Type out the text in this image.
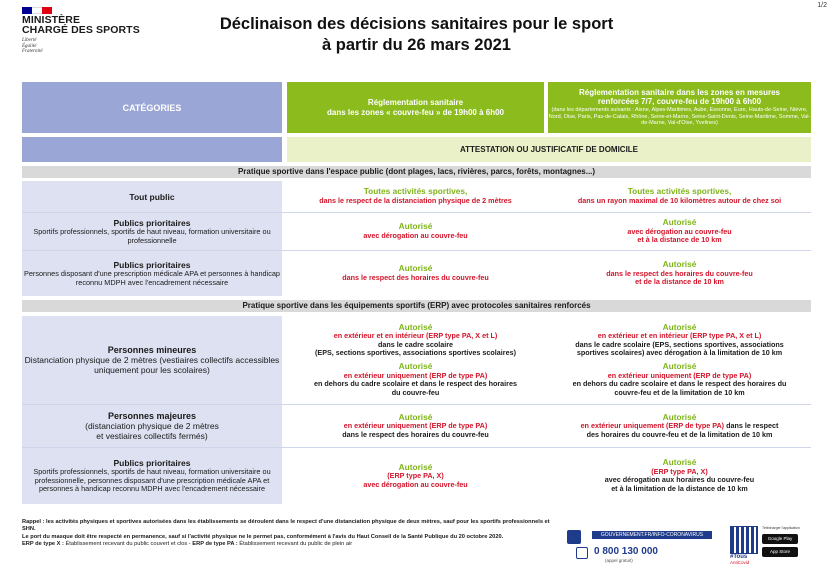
1/2
MINISTÈRE
CHARGÉ DES SPORTS
Liberté
Égalité
Fraternité
Déclinaison des décisions sanitaires pour le sport
à partir du 26 mars 2021
CATÉGORIES
Réglementation sanitaire
dans les zones « couvre-feu » de 19h00 à 6h00
Réglementation sanitaire dans les zones en mesures
renforcées 7/7, couvre-feu de 19h00 à 6h00
(dans les départements suivants : Aisne, Alpes-Maritimes, Aube, Essonne, Eure, Hauts-de-Seine, Nièvre, Nord, Oise, Paris, Pas-de-Calais, Rhône, Seine-et-Marne, Seine-Saint-Denis, Seine-Maritime, Somme, Val-de-Marne, Val-d'Oise, Yvelines)
ATTESTATION OU JUSTIFICATIF DE DOMICILE
Pratique sportive dans l'espace public (dont plages, lacs, rivières, parcs, forêts, montagnes...)
Tout public
Toutes activités sportives,
dans le respect de la distanciation physique de 2 mètres
Toutes activités sportives,
dans un rayon maximal de 10 kilomètres autour de chez soi
Publics prioritaires
Sportifs professionnels, sportifs de haut niveau, formation universitaire ou professionnelle
Autorisé
avec dérogation au couvre-feu
Autorisé
avec dérogation au couvre-feu
et à la distance de 10 km
Publics prioritaires
Personnes disposant d'une prescription médicale APA et personnes à handicap reconnu MDPH avec l'encadrement nécessaire
Autorisé
dans le respect des horaires du couvre-feu
Autorisé
dans le respect des horaires du couvre-feu
et de la distance de 10 km
Pratique sportive dans les équipements sportifs (ERP) avec protocoles sanitaires renforcés
Personnes mineures
Distanciation physique de 2 mètres (vestiaires collectifs accessibles uniquement pour les scolaires)
Autorisé
en extérieur et en intérieur (ERP type PA, X et L)
dans le cadre scolaire
(EPS, sections sportives, associations sportives scolaires)
Autorisé
en extérieur uniquement (ERP de type PA)
en dehors du cadre scolaire et dans le respect des horaires
du couvre-feu
Autorisé
en extérieur et en intérieur (ERP type PA, X et L)
dans le cadre scolaire (EPS, sections sportives, associations
sportives scolaires) avec dérogation à la limitation de 10 km
Autorisé
en extérieur uniquement (ERP de type PA)
en dehors du cadre scolaire et dans le respect des horaires du
couvre-feu et de la limitation de 10 km
Personnes majeures
(distanciation physique de 2 mètres
et vestiaires collectifs fermés)
Autorisé
en extérieur uniquement (ERP de type PA)
dans le respect des horaires du couvre-feu
Autorisé
en extérieur uniquement (ERP de type PA) dans le respect
des horaires du couvre-feu et de la limitation de 10 km
Publics prioritaires
Sportifs professionnels, sportifs de haut niveau, formation universitaire ou professionnelle, personnes disposant d'une prescription médicale APA et personnes à handicap reconnu MDPH avec l'encadrement nécessaire
Autorisé
(ERP type PA, X)
avec dérogation au couvre-feu
Autorisé
(ERP type PA, X)
avec dérogation aux horaires du couvre-feu
et à la limitation de la distance de 10 km
Rappel : les activités physiques et sportives autorisées dans les établissements se déroulent dans le respect d'une distanciation physique de deux mètres, sauf pour les sportifs professionnels et SHN.
Le port du masque doit être respecté en permanence, sauf si l'activité physique ne le permet pas, conformément à l'avis du Haut Conseil de la Santé Publique du 20 octobre 2020.
ERP de type X : Établissement recevant du public couvert et clos - ERP de type PA : Établissement recevant du public de plein air
GOUVERNEMENT.FR/INFO-CORONAVIRUS
0 800 130 000
(appel gratuit)
#Tous
AntiCovid
Télécharger l'application
Google Play
App Store
